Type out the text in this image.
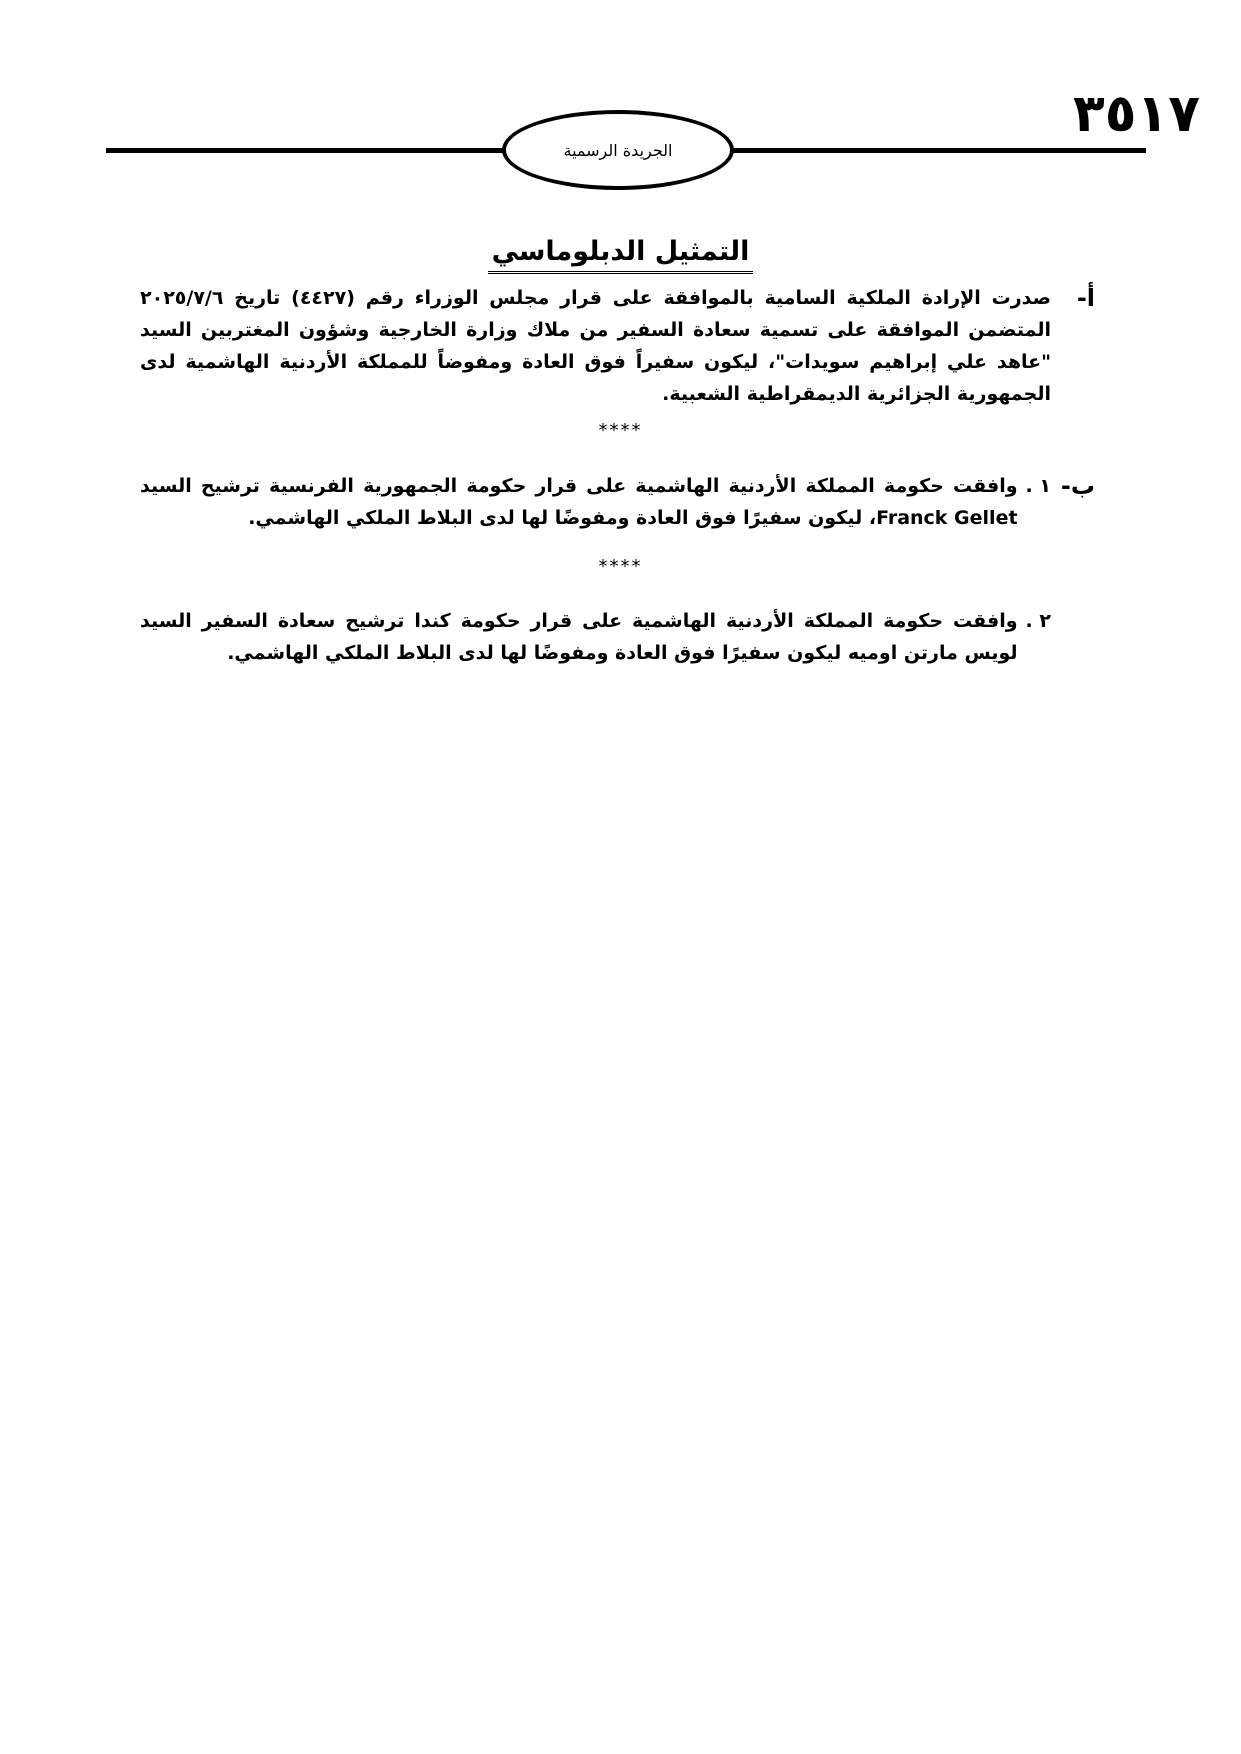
٣٥١٧
الجريدة الرسمية
التمثيل الدبلوماسي
أ-
صدرت الإرادة الملكية السامية بالموافقة على قرار مجلس الوزراء رقم (٤٤٢٧) تاريخ ٢٠٢٥/٧/٦ المتضمن الموافقة على تسمية سعادة السفير من ملاك وزارة الخارجية وشؤون المغتربين السيد "عاهد علي إبراهيم سويدات"، ليكون سفيراً فوق العادة ومفوضاً للمملكة الأردنية الهاشمية لدى الجمهورية الجزائرية الديمقراطية الشعبية.
****
ب-
١ .
وافقت حكومة المملكة الأردنية الهاشمية على قرار حكومة الجمهورية الفرنسية ترشيح السيد Franck Gellet، ليكون سفيرًا فوق العادة ومفوضًا لها لدى البلاط الملكي الهاشمي.
****
٢ .
وافقت حكومة المملكة الأردنية الهاشمية على قرار حكومة كندا ترشيح سعادة السفير السيد لويس مارتن اوميه ليكون سفيرًا فوق العادة ومفوضًا لها لدى البلاط الملكي الهاشمي.
